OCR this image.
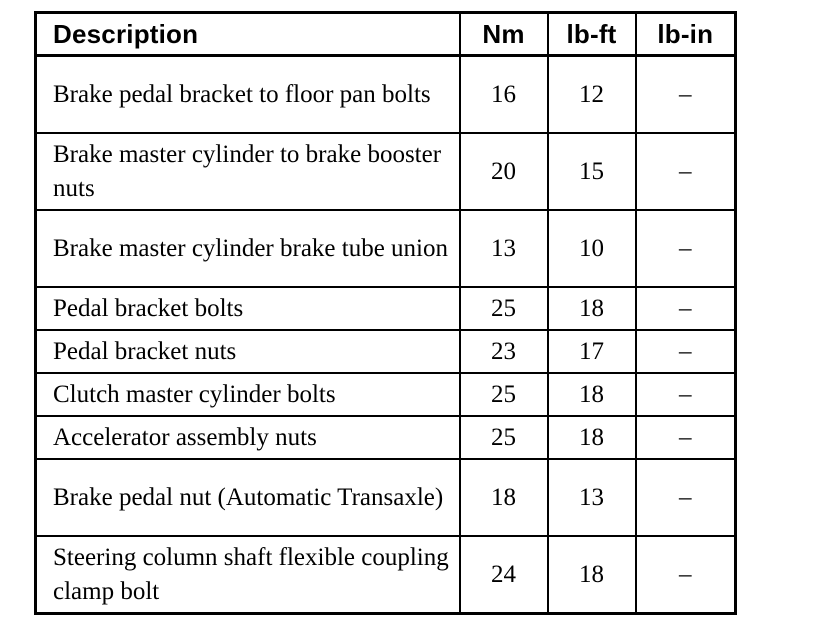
Description	Nm	lb-ft	lb-in
Brake pedal bracket to floor pan bolts	16	12	–
Brake master cylinder to brake booster nuts	20	15	–
Brake master cylinder brake tube union	13	10	–
Pedal bracket bolts	25	18	–
Pedal bracket nuts	23	17	–
Clutch master cylinder bolts	25	18	–
Accelerator assembly nuts	25	18	–
Brake pedal nut (Automatic Transaxle)	18	13	–
Steering column shaft flexible coupling clamp bolt	24	18	–
